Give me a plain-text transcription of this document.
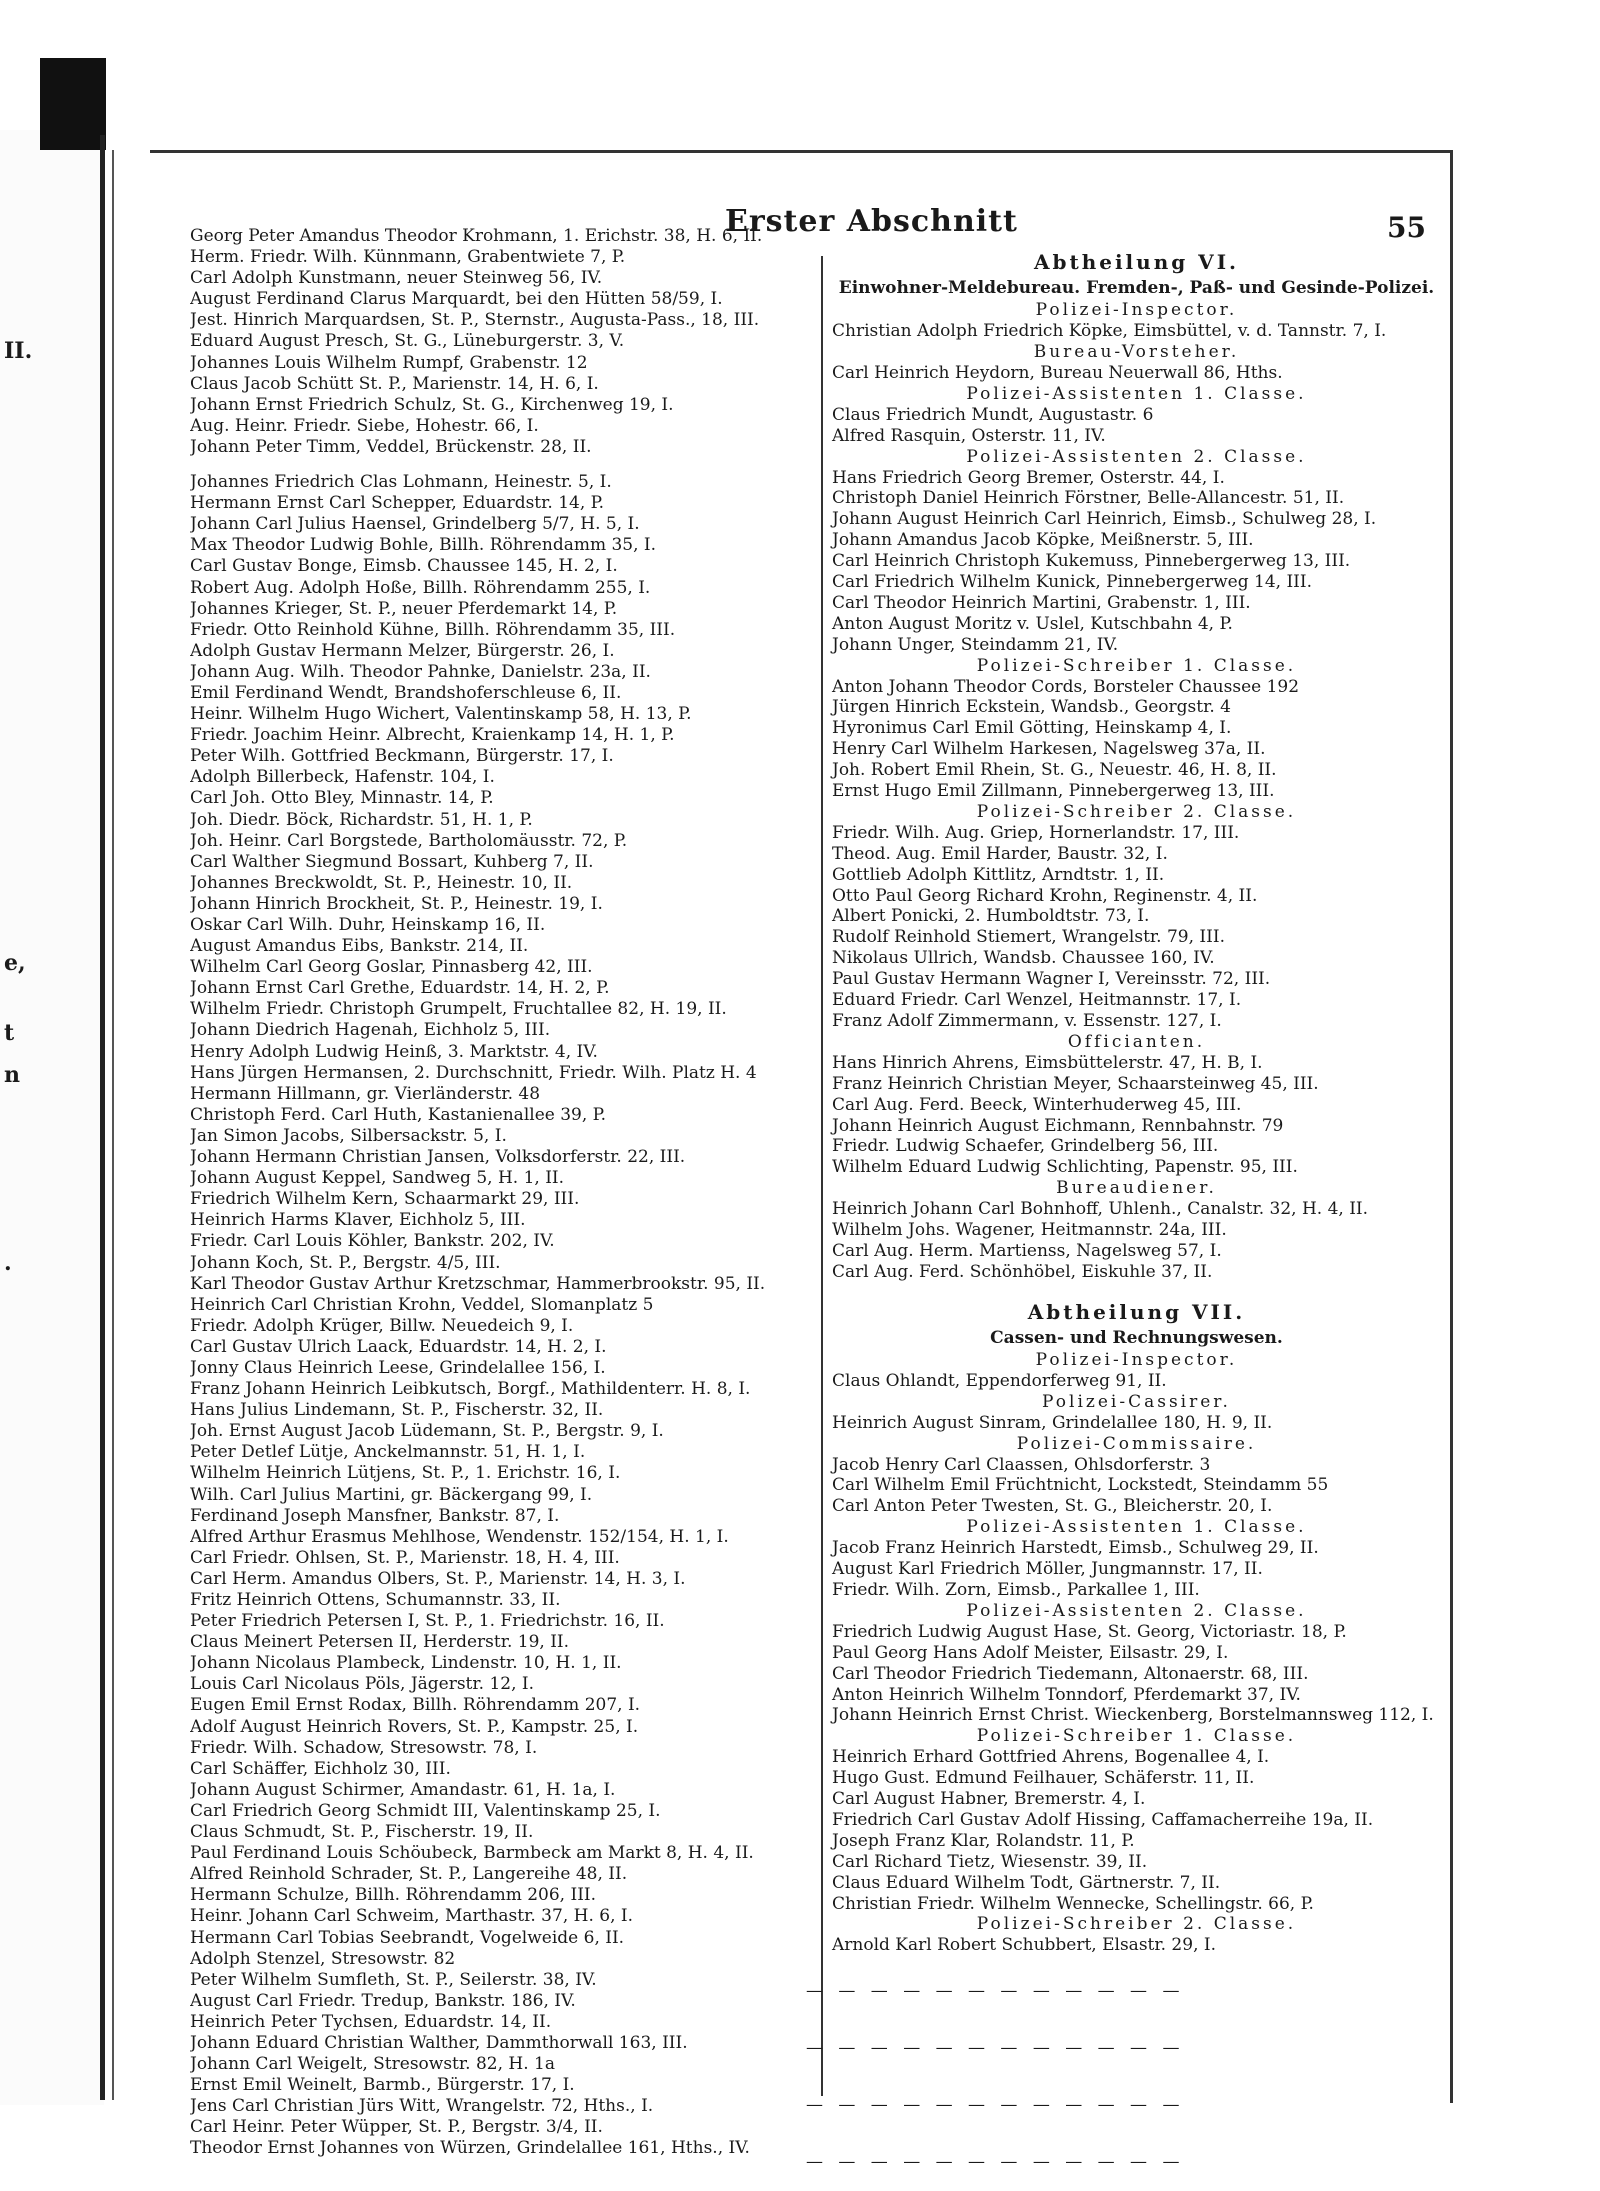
II.
e,
t
n
.
Erster Abschnitt	55
Georg Peter Amandus Theodor Krohmann, 1. Erichstr. 38, H. 6, II.
Herm. Friedr. Wilh. Künnmann, Grabentwiete 7, P.
Carl Adolph Kunstmann, neuer Steinweg 56, IV.
August Ferdinand Clarus Marquardt, bei den Hütten 58/59, I.
Jest. Hinrich Marquardsen, St. P., Sternstr., Augusta-Pass., 18, III.
Eduard August Presch, St. G., Lüneburgerstr. 3, V.
Johannes Louis Wilhelm Rumpf, Grabenstr. 12
Claus Jacob Schütt St. P., Marienstr. 14, H. 6, I.
Johann Ernst Friedrich Schulz, St. G., Kirchenweg 19, I.
Aug. Heinr. Friedr. Siebe, Hohestr. 66, I.
Johann Peter Timm, Veddel, Brückenstr. 28, II.
Johannes Friedrich Clas Lohmann, Heinestr. 5, I.
Hermann Ernst Carl Schepper, Eduardstr. 14, P.
Johann Carl Julius Haensel, Grindelberg 5/7, H. 5, I.
Max Theodor Ludwig Bohle, Billh. Röhrendamm 35, I.
Carl Gustav Bonge, Eimsb. Chaussee 145, H. 2, I.
Robert Aug. Adolph Hoße, Billh. Röhrendamm 255, I.
Johannes Krieger, St. P., neuer Pferdemarkt 14, P.
Friedr. Otto Reinhold Kühne, Billh. Röhrendamm 35, III.
Adolph Gustav Hermann Melzer, Bürgerstr. 26, I.
Johann Aug. Wilh. Theodor Pahnke, Danielstr. 23a, II.
Emil Ferdinand Wendt, Brandshoferschleuse 6, II.
Heinr. Wilhelm Hugo Wichert, Valentinskamp 58, H. 13, P.
Friedr. Joachim Heinr. Albrecht, Kraienkamp 14, H. 1, P.
Peter Wilh. Gottfried Beckmann, Bürgerstr. 17, I.
Adolph Billerbeck, Hafenstr. 104, I.
Carl Joh. Otto Bley, Minnastr. 14, P.
Joh. Diedr. Böck, Richardstr. 51, H. 1, P.
Joh. Heinr. Carl Borgstede, Bartholomäusstr. 72, P.
Carl Walther Siegmund Bossart, Kuhberg 7, II.
Johannes Breckwoldt, St. P., Heinestr. 10, II.
Johann Hinrich Brockheit, St. P., Heinestr. 19, I.
Oskar Carl Wilh. Duhr, Heinskamp 16, II.
August Amandus Eibs, Bankstr. 214, II.
Wilhelm Carl Georg Goslar, Pinnasberg 42, III.
Johann Ernst Carl Grethe, Eduardstr. 14, H. 2, P.
Wilhelm Friedr. Christoph Grumpelt, Fruchtallee 82, H. 19, II.
Johann Diedrich Hagenah, Eichholz 5, III.
Henry Adolph Ludwig Heinß, 3. Marktstr. 4, IV.
Hans Jürgen Hermansen, 2. Durchschnitt, Friedr. Wilh. Platz H. 4
Hermann Hillmann, gr. Vierländerstr. 48
Christoph Ferd. Carl Huth, Kastanienallee 39, P.
Jan Simon Jacobs, Silbersackstr. 5, I.
Johann Hermann Christian Jansen, Volksdorferstr. 22, III.
Johann August Keppel, Sandweg 5, H. 1, II.
Friedrich Wilhelm Kern, Schaarmarkt 29, III.
Heinrich Harms Klaver, Eichholz 5, III.
Friedr. Carl Louis Köhler, Bankstr. 202, IV.
Johann Koch, St. P., Bergstr. 4/5, III.
Karl Theodor Gustav Arthur Kretzschmar, Hammerbrookstr. 95, II.
Heinrich Carl Christian Krohn, Veddel, Slomanplatz 5
Friedr. Adolph Krüger, Billw. Neuedeich 9, I.
Carl Gustav Ulrich Laack, Eduardstr. 14, H. 2, I.
Jonny Claus Heinrich Leese, Grindelallee 156, I.
Franz Johann Heinrich Leibkutsch, Borgf., Mathildenterr. H. 8, I.
Hans Julius Lindemann, St. P., Fischerstr. 32, II.
Joh. Ernst August Jacob Lüdemann, St. P., Bergstr. 9, I.
Peter Detlef Lütje, Anckelmannstr. 51, H. 1, I.
Wilhelm Heinrich Lütjens, St. P., 1. Erichstr. 16, I.
Wilh. Carl Julius Martini, gr. Bäckergang 99, I.
Ferdinand Joseph Mansfner, Bankstr. 87, I.
Alfred Arthur Erasmus Mehlhose, Wendenstr. 152/154, H. 1, I.
Carl Friedr. Ohlsen, St. P., Marienstr. 18, H. 4, III.
Carl Herm. Amandus Olbers, St. P., Marienstr. 14, H. 3, I.
Fritz Heinrich Ottens, Schumannstr. 33, II.
Peter Friedrich Petersen I, St. P., 1. Friedrichstr. 16, II.
Claus Meinert Petersen II, Herderstr. 19, II.
Johann Nicolaus Plambeck, Lindenstr. 10, H. 1, II.
Louis Carl Nicolaus Pöls, Jägerstr. 12, I.
Eugen Emil Ernst Rodax, Billh. Röhrendamm 207, I.
Adolf August Heinrich Rovers, St. P., Kampstr. 25, I.
Friedr. Wilh. Schadow, Stresowstr. 78, I.
Carl Schäffer, Eichholz 30, III.
Johann August Schirmer, Amandastr. 61, H. 1a, I.
Carl Friedrich Georg Schmidt III, Valentinskamp 25, I.
Claus Schmudt, St. P., Fischerstr. 19, II.
Paul Ferdinand Louis Schöubeck, Barmbeck am Markt 8, H. 4, II.
Alfred Reinhold Schrader, St. P., Langereihe 48, II.
Hermann Schulze, Billh. Röhrendamm 206, III.
Heinr. Johann Carl Schweim, Marthastr. 37, H. 6, I.
Hermann Carl Tobias Seebrandt, Vogelweide 6, II.
Adolph Stenzel, Stresowstr. 82
Peter Wilhelm Sumfleth, St. P., Seilerstr. 38, IV.
August Carl Friedr. Tredup, Bankstr. 186, IV.
Heinrich Peter Tychsen, Eduardstr. 14, II.
Johann Eduard Christian Walther, Dammthorwall 163, III.
Johann Carl Weigelt, Stresowstr. 82, H. 1a
Ernst Emil Weinelt, Barmb., Bürgerstr. 17, I.
Jens Carl Christian Jürs Witt, Wrangelstr. 72, Hths., I.
Carl Heinr. Peter Wüpper, St. P., Bergstr. 3/4, II.
Theodor Ernst Johannes von Würzen, Grindelallee 161, Hths., IV.
Abtheilung VI.
Einwohner-Meldebureau. Fremden-, Paß- und Gesinde-Polizei.
Polizei-Inspector.
Christian Adolph Friedrich Köpke, Eimsbüttel, v. d. Tannstr. 7, I.
Bureau-Vorsteher.
Carl Heinrich Heydorn, Bureau Neuerwall 86, Hths.
Polizei-Assistenten 1. Classe.
Claus Friedrich Mundt, Augustastr. 6
Alfred Rasquin, Osterstr. 11, IV.
Polizei-Assistenten 2. Classe.
Hans Friedrich Georg Bremer, Osterstr. 44, I.
Christoph Daniel Heinrich Förstner, Belle-Allancestr. 51, II.
Johann August Heinrich Carl Heinrich, Eimsb., Schulweg 28, I.
Johann Amandus Jacob Köpke, Meißnerstr. 5, III.
Carl Heinrich Christoph Kukemuss, Pinnebergerweg 13, III.
Carl Friedrich Wilhelm Kunick, Pinnebergerweg 14, III.
Carl Theodor Heinrich Martini, Grabenstr. 1, III.
Anton August Moritz v. Uslel, Kutschbahn 4, P.
Johann Unger, Steindamm 21, IV.
Polizei-Schreiber 1. Classe.
Anton Johann Theodor Cords, Borsteler Chaussee 192
Jürgen Hinrich Eckstein, Wandsb., Georgstr. 4
Hyronimus Carl Emil Götting, Heinskamp 4, I.
Henry Carl Wilhelm Harkesen, Nagelsweg 37a, II.
Joh. Robert Emil Rhein, St. G., Neuestr. 46, H. 8, II.
Ernst Hugo Emil Zillmann, Pinnebergerweg 13, III.
Polizei-Schreiber 2. Classe.
Friedr. Wilh. Aug. Griep, Hornerlandstr. 17, III.
Theod. Aug. Emil Harder, Baustr. 32, I.
Gottlieb Adolph Kittlitz, Arndtstr. 1, II.
Otto Paul Georg Richard Krohn, Reginenstr. 4, II.
Albert Ponicki, 2. Humboldtstr. 73, I.
Rudolf Reinhold Stiemert, Wrangelstr. 79, III.
Nikolaus Ullrich, Wandsb. Chaussee 160, IV.
Paul Gustav Hermann Wagner I, Vereinsstr. 72, III.
Eduard Friedr. Carl Wenzel, Heitmannstr. 17, I.
Franz Adolf Zimmermann, v. Essenstr. 127, I.
Officianten.
Hans Hinrich Ahrens, Eimsbüttelerstr. 47, H. B, I.
Franz Heinrich Christian Meyer, Schaarsteinweg 45, III.
Carl Aug. Ferd. Beeck, Winterhuderweg 45, III.
Johann Heinrich August Eichmann, Rennbahnstr. 79
Friedr. Ludwig Schaefer, Grindelberg 56, III.
Wilhelm Eduard Ludwig Schlichting, Papenstr. 95, III.
Bureaudiener.
Heinrich Johann Carl Bohnhoff, Uhlenh., Canalstr. 32, H. 4, II.
Wilhelm Johs. Wagener, Heitmannstr. 24a, III.
Carl Aug. Herm. Martienss, Nagelsweg 57, I.
Carl Aug. Ferd. Schönhöbel, Eiskuhle 37, II.
Abtheilung VII.
Cassen- und Rechnungswesen.
Polizei-Inspector.
Claus Ohlandt, Eppendorferweg 91, II.
Polizei-Cassirer.
Heinrich August Sinram, Grindelallee 180, H. 9, II.
Polizei-Commissaire.
Jacob Henry Carl Claassen, Ohlsdorferstr. 3
Carl Wilhelm Emil Früchtnicht, Lockstedt, Steindamm 55
Carl Anton Peter Twesten, St. G., Bleicherstr. 20, I.
Polizei-Assistenten 1. Classe.
Jacob Franz Heinrich Harstedt, Eimsb., Schulweg 29, II.
August Karl Friedrich Möller, Jungmannstr. 17, II.
Friedr. Wilh. Zorn, Eimsb., Parkallee 1, III.
Polizei-Assistenten 2. Classe.
Friedrich Ludwig August Hase, St. Georg, Victoriastr. 18, P.
Paul Georg Hans Adolf Meister, Eilsastr. 29, I.
Carl Theodor Friedrich Tiedemann, Altonaerstr. 68, III.
Anton Heinrich Wilhelm Tonndorf, Pferdemarkt 37, IV.
Johann Heinrich Ernst Christ. Wieckenberg, Borstelmannsweg 112, I.
Polizei-Schreiber 1. Classe.
Heinrich Erhard Gottfried Ahrens, Bogenallee 4, I.
Hugo Gust. Edmund Feilhauer, Schäferstr. 11, II.
Carl August Habner, Bremerstr. 4, I.
Friedrich Carl Gustav Adolf Hissing, Caffamacherreihe 19a, II.
Joseph Franz Klar, Rolandstr. 11, P.
Carl Richard Tietz, Wiesenstr. 39, II.
Claus Eduard Wilhelm Todt, Gärtnerstr. 7, II.
Christian Friedr. Wilhelm Wennecke, Schellingstr. 66, P.
Polizei-Schreiber 2. Classe.
Arnold Karl Robert Schubbert, Elsastr. 29, I.

— — — — — — — — — — — —

— — — — — — — — — — — —

— — — — — — — — — — — —

— — — — — — — — — — — —
